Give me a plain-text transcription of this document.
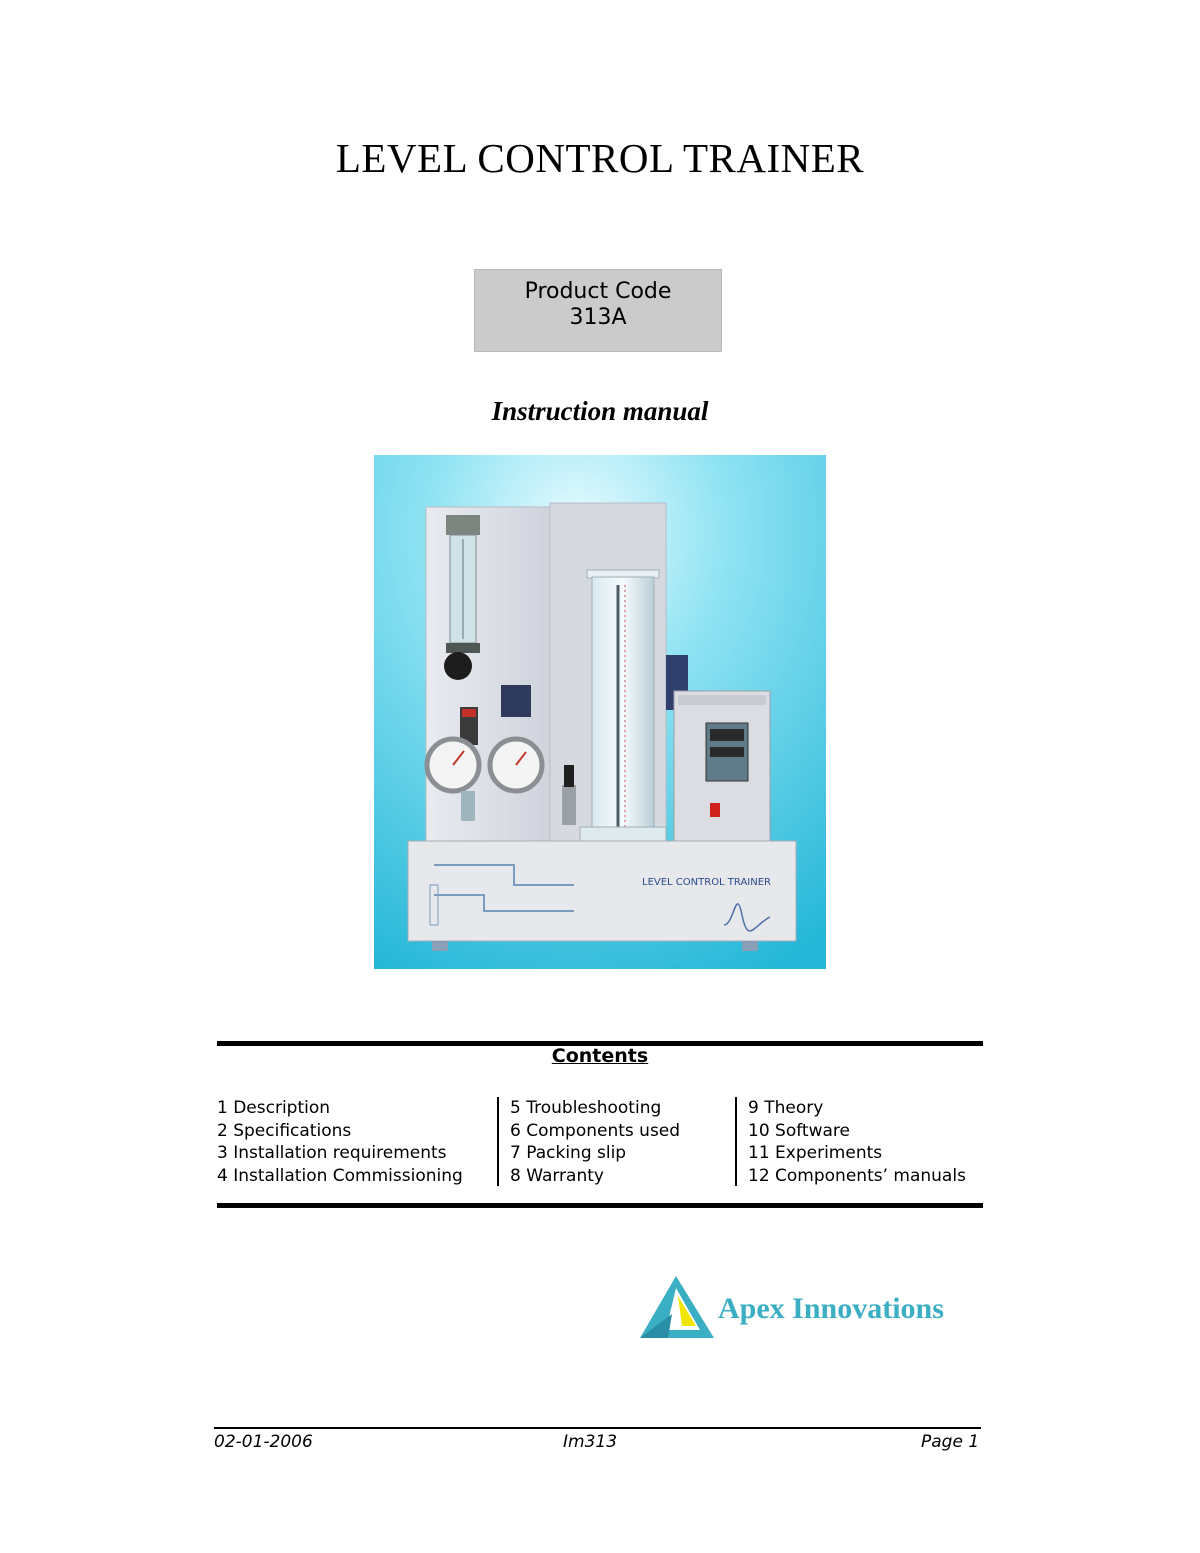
LEVEL CONTROL TRAINER
Product Code
313A
Instruction manual
LEVEL CONTROL TRAINER
Contents
1 Description
2 Specifications
3 Installation requirements
4 Installation Commissioning
5 Troubleshooting
6 Components used
7 Packing slip
8 Warranty
9 Theory
10 Software
11 Experiments
12 Components’ manuals
Apex Innovations
02-01-2006	Im313	Page 1
